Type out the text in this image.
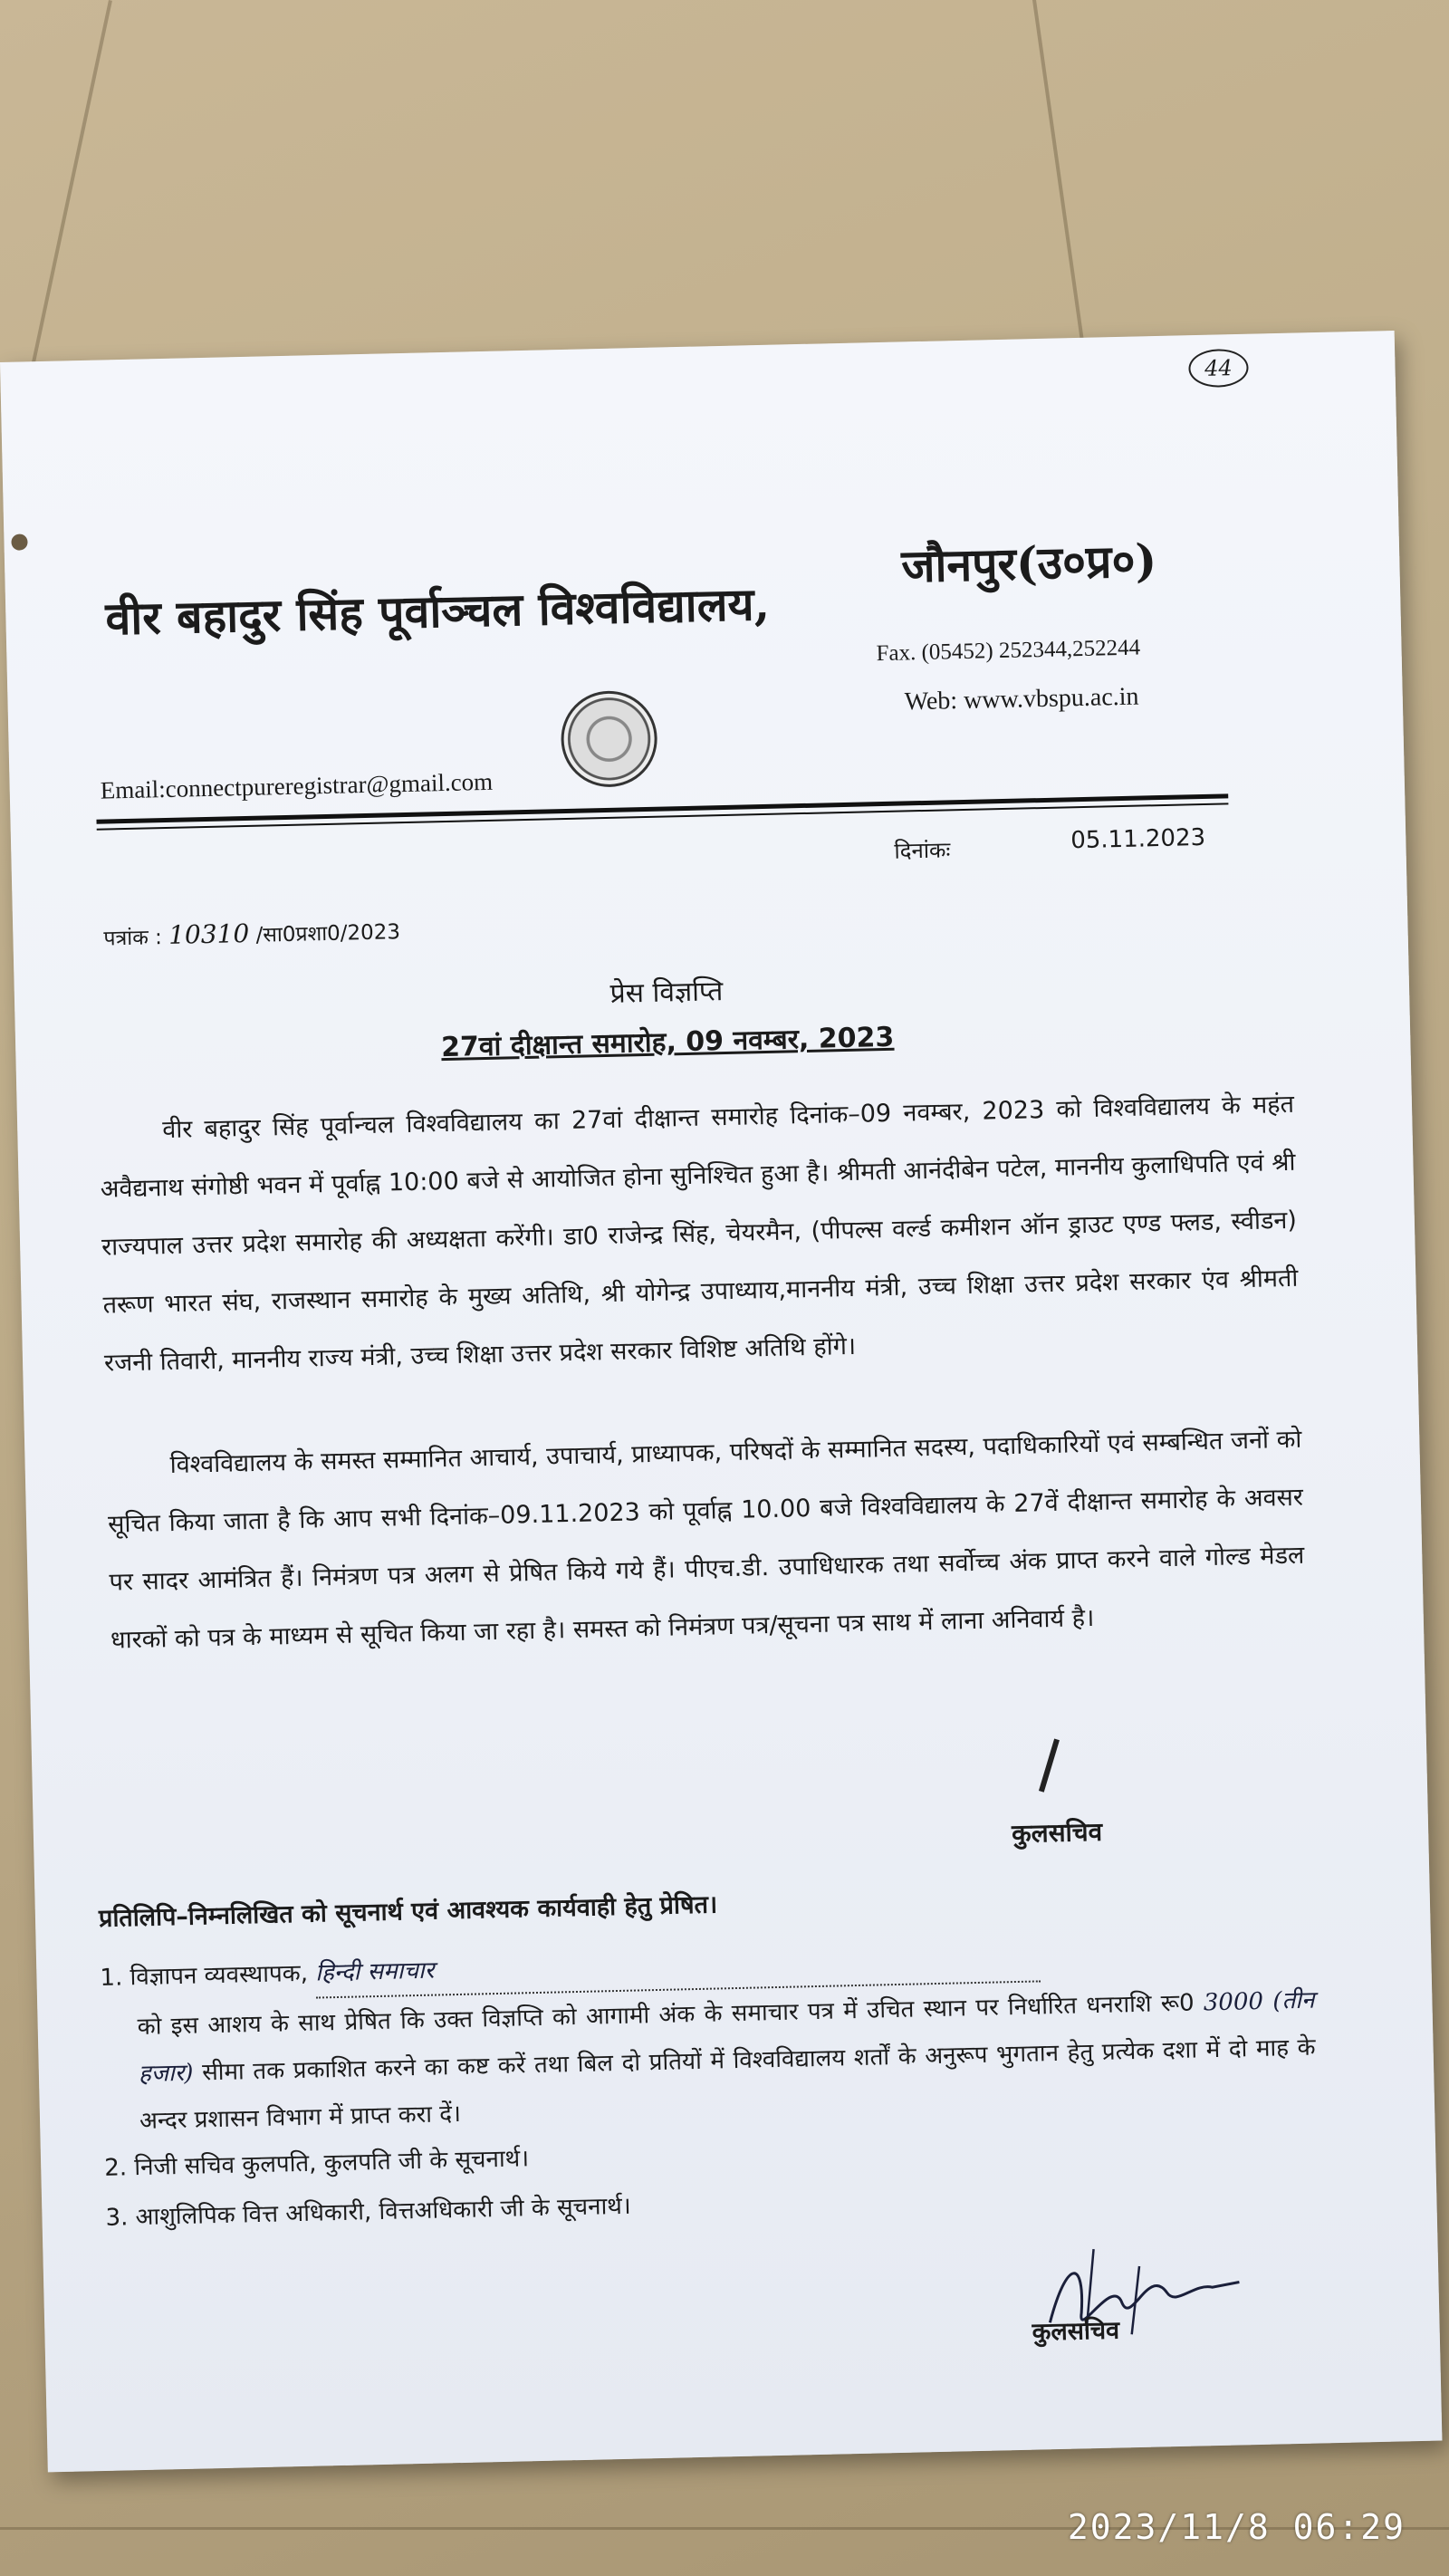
44
वीर बहादुर सिंह पूर्वाञ्चल विश्वविद्यालय,
जौनपुर(उ०प्र०)
Fax. (05452) 252344,252244
Web: www.vbspu.ac.in
Email:connectpureregistrar@gmail.com
दिनांकः	05.11.2023
पत्रांक : 10310 /सा0प्रशा0/2023
प्रेस विज्ञप्ति
27वां दीक्षान्त समारोह, 09 नवम्बर, 2023
वीर बहादुर सिंह पूर्वान्चल विश्वविद्यालय का 27वां दीक्षान्त समारोह दिनांक–09 नवम्बर, 2023 को विश्वविद्यालय के महंत अवैद्यनाथ संगोष्ठी भवन में पूर्वाह्न 10:00 बजे से आयोजित होना सुनिश्चित हुआ है। श्रीमती आनंदीबेन पटेल, माननीय कुलाधिपति एवं श्री राज्यपाल उत्तर प्रदेश समारोह की अध्यक्षता करेंगी। डा0 राजेन्द्र सिंह, चेयरमैन, (पीपल्स वर्ल्ड कमीशन ऑन ड्राउट एण्ड फ्लड, स्वीडन) तरूण भारत संघ, राजस्थान समारोह के मुख्य अतिथि, श्री योगेन्द्र उपाध्याय,माननीय मंत्री, उच्च शिक्षा उत्तर प्रदेश सरकार एंव श्रीमती रजनी तिवारी, माननीय राज्य मंत्री, उच्च शिक्षा उत्तर प्रदेश सरकार विशिष्ट अतिथि होंगे।
विश्वविद्यालय के समस्त सम्मानित आचार्य, उपाचार्य, प्राध्यापक, परिषदों के सम्मानित सदस्य, पदाधिकारियों एवं सम्बन्धित जनों को सूचित किया जाता है कि आप सभी दिनांक–09.11.2023 को पूर्वाह्न 10.00 बजे विश्वविद्यालय के 27वें दीक्षान्त समारोह के अवसर पर सादर आमंत्रित हैं। निमंत्रण पत्र अलग से प्रेषित किये गये हैं। पीएच.डी. उपाधिधारक तथा सर्वोच्च अंक प्राप्त करने वाले गोल्ड मेडल धारकों को पत्र के माध्यम से सूचित किया जा रहा है। समस्त को निमंत्रण पत्र/सूचना पत्र साथ में लाना अनिवार्य है।
कुलसचिव
प्रतिलिपि–निम्नलिखित को सूचनार्थ एवं आवश्यक कार्यवाही हेतु प्रेषित।
1. विज्ञापन व्यवस्थापक, हिन्दी समाचार
को इस आशय के साथ प्रेषित कि उक्त विज्ञप्ति को आगामी अंक के समाचार पत्र में उचित स्थान पर निर्धारित धनराशि रू0 3000 (तीन हजार) सीमा तक प्रकाशित करने का कष्ट करें तथा बिल दो प्रतियों में विश्वविद्यालय शर्तों के अनुरूप भुगतान हेतु प्रत्येक दशा में दो माह के अन्दर प्रशासन विभाग में प्राप्त करा दें।
2. निजी सचिव कुलपति, कुलपति जी के सूचनार्थ।
3. आशुलिपिक वित्त अधिकारी, वित्तअधिकारी जी के सूचनार्थ।
कुलसचिव
2023/11/8 06:29
